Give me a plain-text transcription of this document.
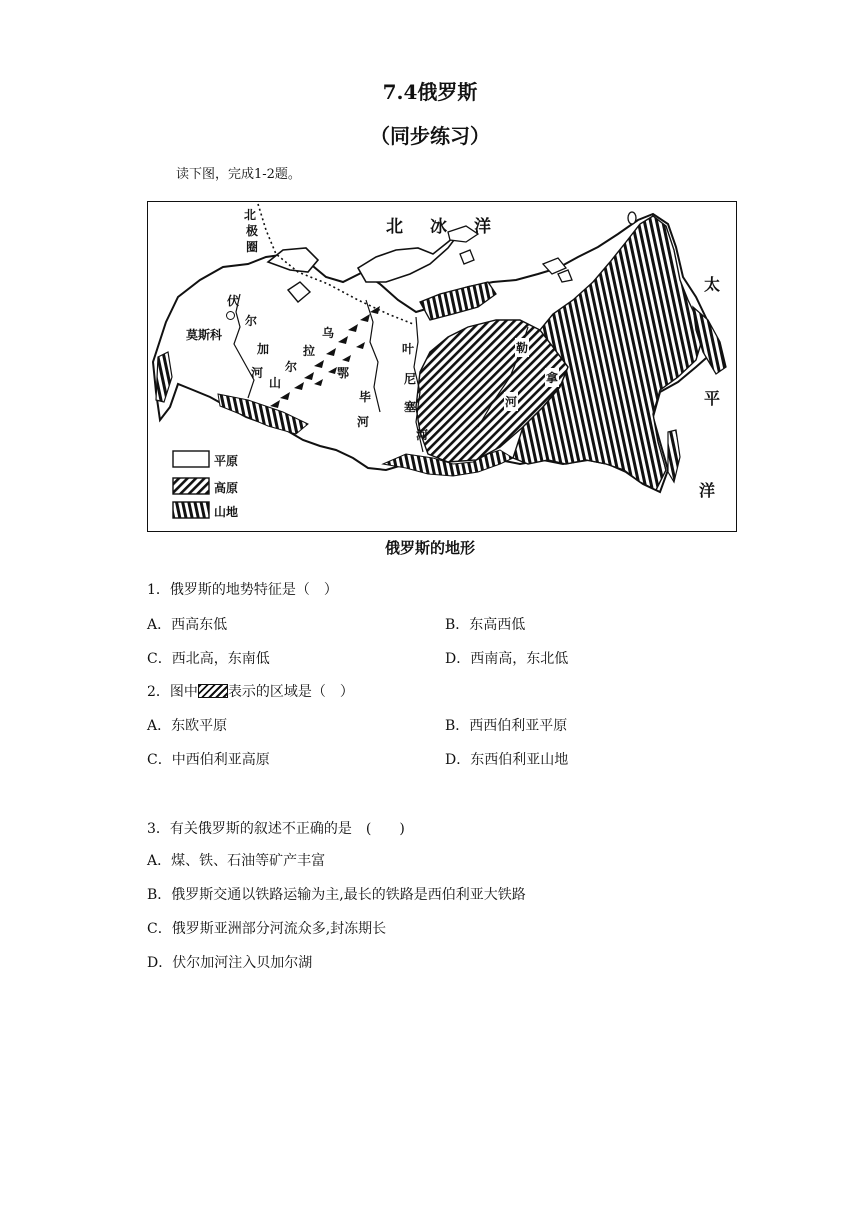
7.4俄罗斯
（同步练习）
读下图，完成1-2题。
北 冰 洋
太
平
洋
北
极
圈
莫斯科
伏
尔
加
河
乌
拉
尔
山
鄂
毕
河
叶
尼
塞
河
勒
拿
河
平原
高原
山地
俄罗斯的地形
1．俄罗斯的地势特征是（　）
A．西高东低	B．东高西低
C．西北高，东南低	D．西南高，东北低
2．图中 表示的区域是（　）
A．东欧平原	B．西西伯利亚平原
C．中西伯利亚高原	D．东西伯利亚山地
3．有关俄罗斯的叙述不正确的是　(　　)
A．煤、铁、石油等矿产丰富
B．俄罗斯交通以铁路运输为主,最长的铁路是西伯利亚大铁路
C．俄罗斯亚洲部分河流众多,封冻期长
D．伏尔加河注入贝加尔湖
